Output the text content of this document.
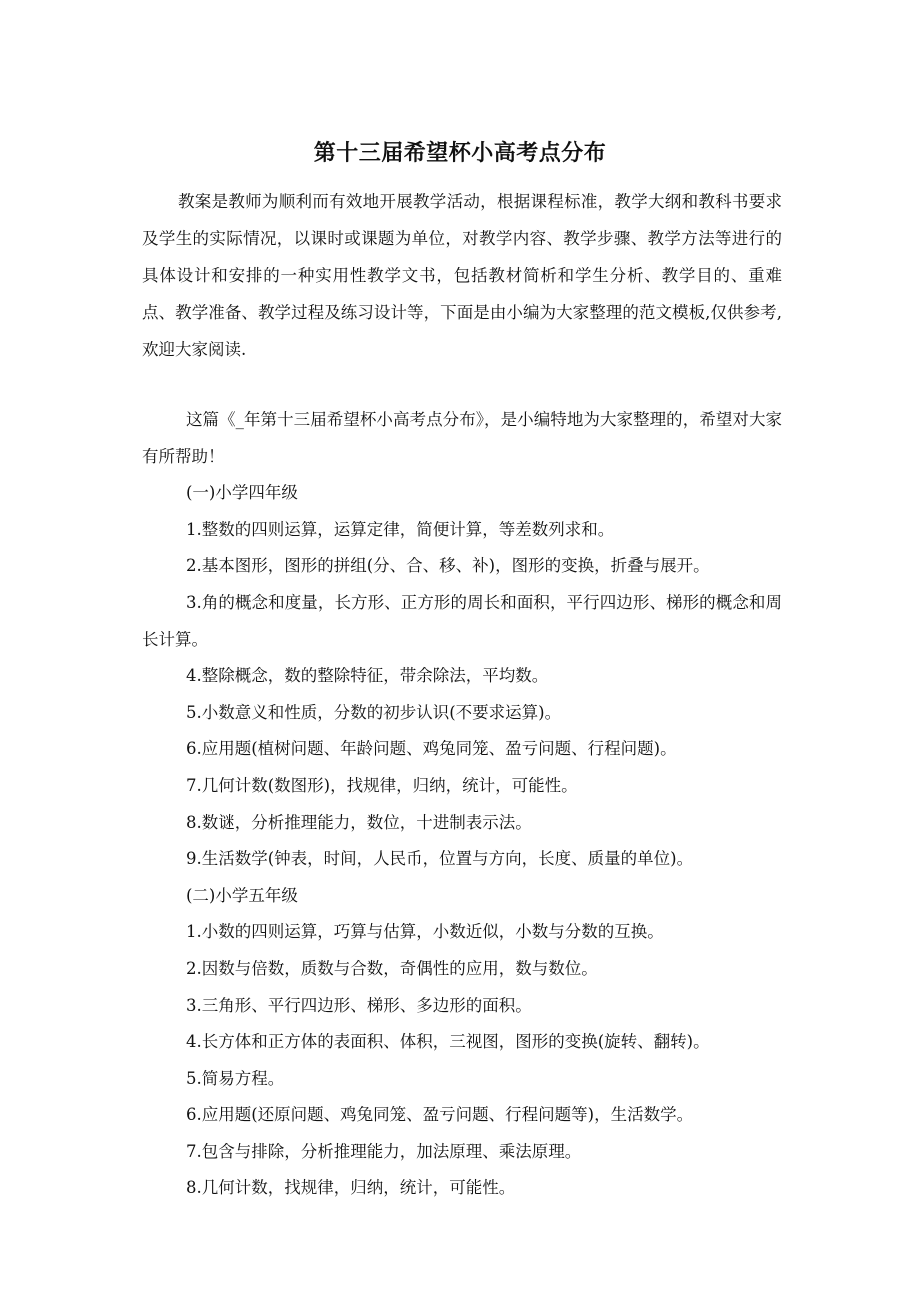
第十三届希望杯小高考点分布

教案是教师为顺利而有效地开展教学活动，根据课程标准，教学大纲和教科书要求及学生的实际情况，以课时或课题为单位，对教学内容、教学步骤、教学方法等进行的具体设计和安排的一种实用性教学文书，包括教材简析和学生分析、教学目的、重难点、教学准备、教学过程及练习设计等，下面是由小编为大家整理的范文模板,仅供参考,欢迎大家阅读.

这篇《_年第十三届希望杯小高考点分布》，是小编特地为大家整理的，希望对大家有所帮助！

(一)小学四年级

1.整数的四则运算，运算定律，简便计算，等差数列求和。

2.基本图形，图形的拼组(分、合、移、补)，图形的变换，折叠与展开。

3.角的概念和度量，长方形、正方形的周长和面积，平行四边形、梯形的概念和周长计算。

4.整除概念，数的整除特征，带余除法，平均数。

5.小数意义和性质，分数的初步认识(不要求运算)。

6.应用题(植树问题、年龄问题、鸡兔同笼、盈亏问题、行程问题)。

7.几何计数(数图形)，找规律，归纳，统计，可能性。

8.数谜，分析推理能力，数位，十进制表示法。

9.生活数学(钟表，时间，人民币，位置与方向，长度、质量的单位)。

(二)小学五年级

1.小数的四则运算，巧算与估算，小数近似，小数与分数的互换。

2.因数与倍数，质数与合数，奇偶性的应用，数与数位。

3.三角形、平行四边形、梯形、多边形的面积。

4.长方体和正方体的表面积、体积，三视图，图形的变换(旋转、翻转)。

5.简易方程。

6.应用题(还原问题、鸡兔同笼、盈亏问题、行程问题等)，生活数学。

7.包含与排除，分析推理能力，加法原理、乘法原理。

8.几何计数，找规律，归纳，统计，可能性。
